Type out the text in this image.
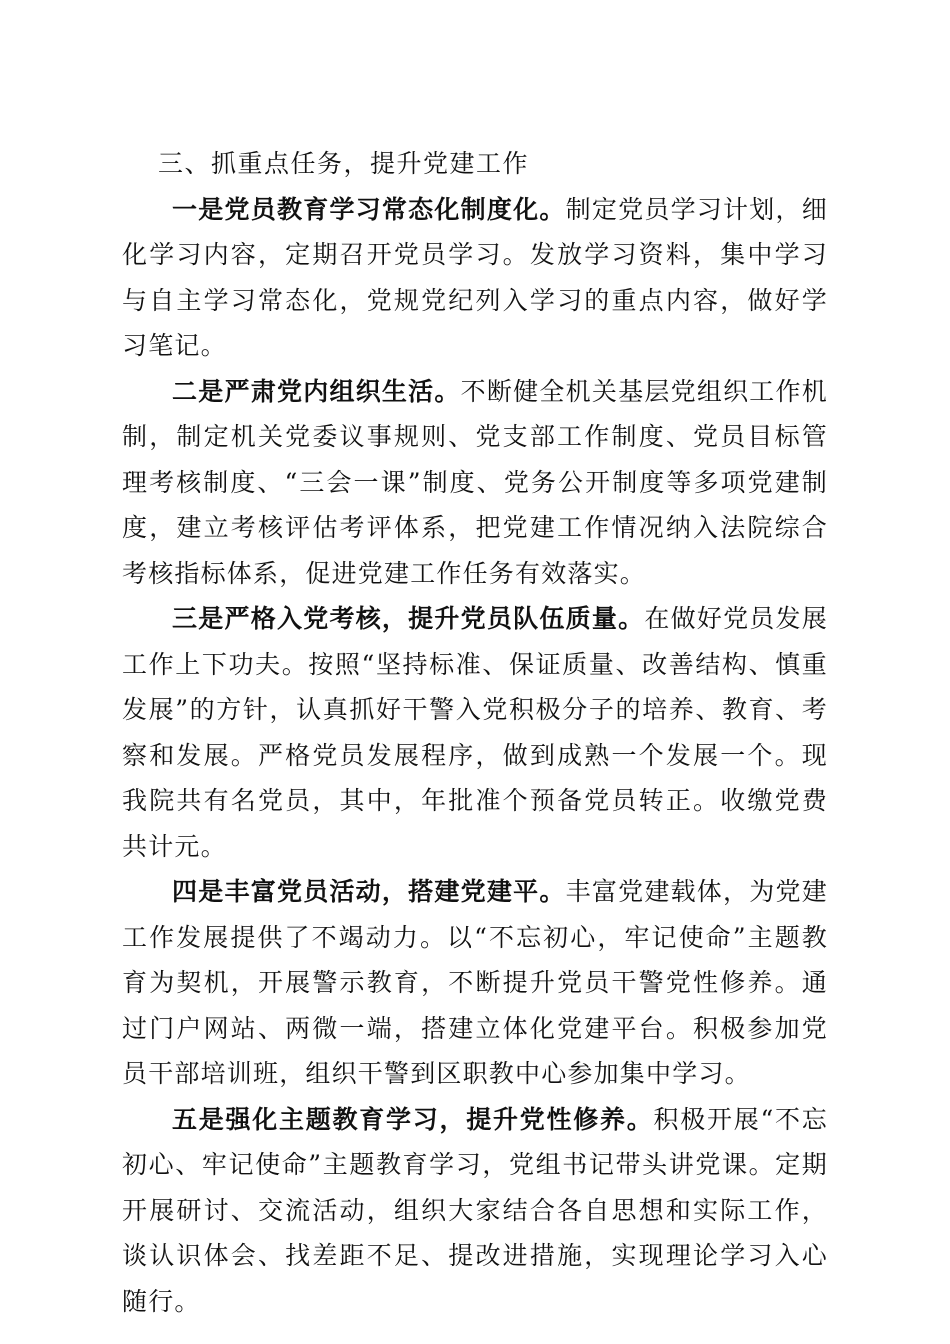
三、抓重点任务，提升党建工作

一是党员教育学习常态化制度化。制定党员学习计划，细化学习内容，定期召开党员学习。发放学习资料，集中学习与自主学习常态化，党规党纪列入学习的重点内容，做好学习笔记。

二是严肃党内组织生活。不断健全机关基层党组织工作机制，制定机关党委议事规则、党支部工作制度、党员目标管理考核制度、“三会一课”制度、党务公开制度等多项党建制度，建立考核评估考评体系，把党建工作情况纳入法院综合考核指标体系，促进党建工作任务有效落实。

三是严格入党考核，提升党员队伍质量。在做好党员发展工作上下功夫。按照“坚持标准、保证质量、改善结构、慎重发展”的方针，认真抓好干警入党积极分子的培养、教育、考察和发展。严格党员发展程序，做到成熟一个发展一个。现我院共有名党员，其中，年批准个预备党员转正。收缴党费共计元。

四是丰富党员活动，搭建党建平。丰富党建载体，为党建工作发展提供了不竭动力。以“不忘初心，牢记使命”主题教育为契机，开展警示教育，不断提升党员干警党性修养。通过门户网站、两微一端，搭建立体化党建平台。积极参加党员干部培训班，组织干警到区职教中心参加集中学习。

五是强化主题教育学习，提升党性修养。积极开展“不忘初心、牢记使命”主题教育学习，党组书记带头讲党课。定期开展研讨、交流活动，组织大家结合各自思想和实际工作，谈认识体会、找差距不足、提改进措施，实现理论学习入心随行。
